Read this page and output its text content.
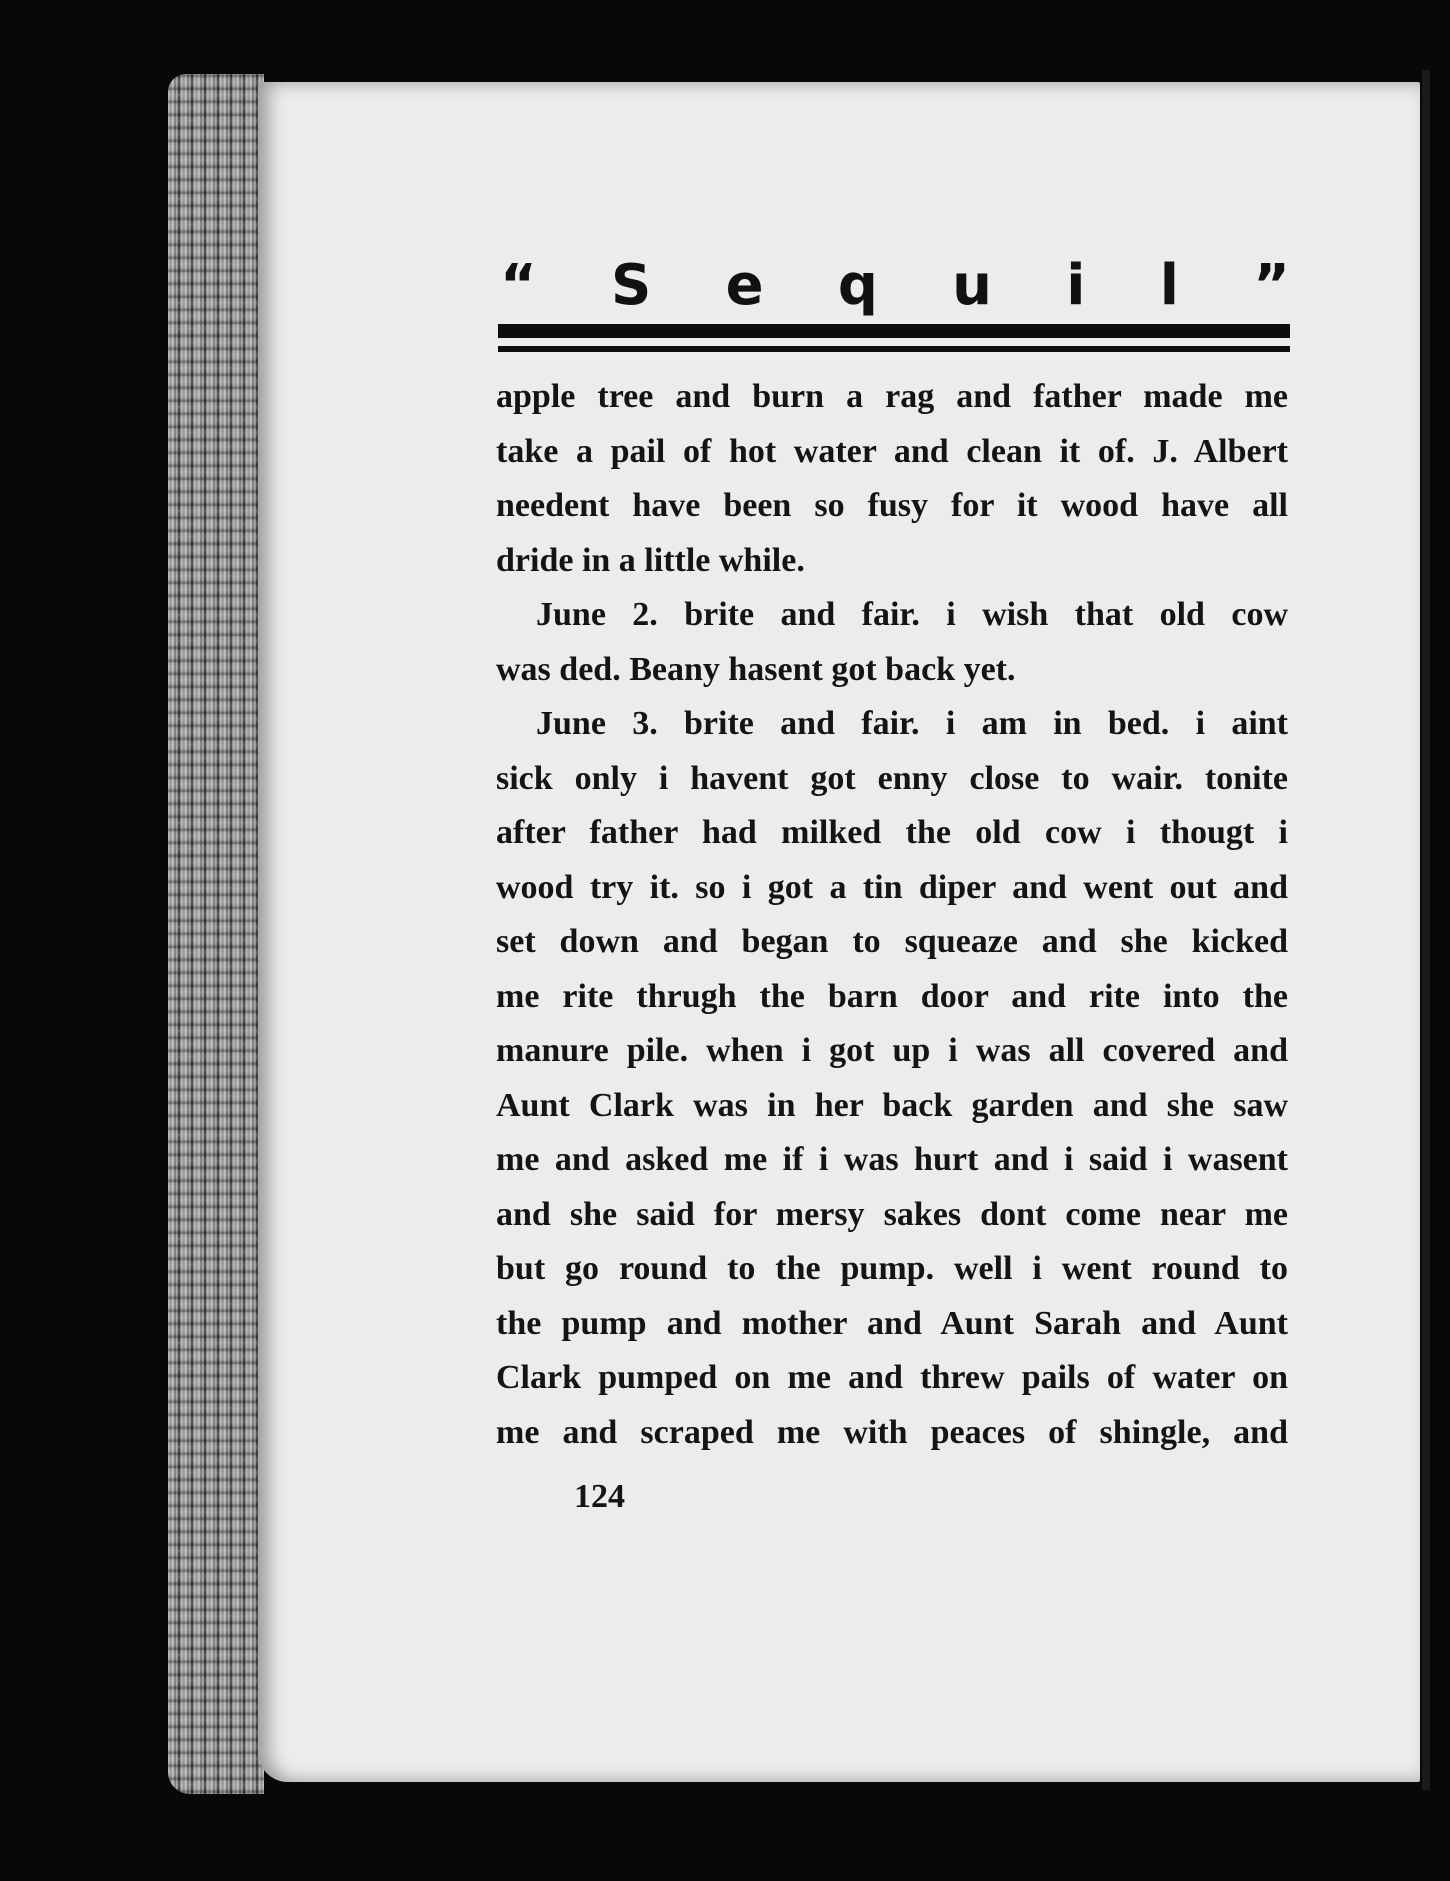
“ S e q u i l ”

apple tree and burn a rag and father made me

take a pail of hot water and clean it of. J. Albert

needent have been so fusy for it wood have all

dride in a little while.

June 2. brite and fair. i wish that old cow

was ded. Beany hasent got back yet.

June 3. brite and fair. i am in bed. i aint

sick only i havent got enny close to wair. tonite

after father had milked the old cow i thougt i

wood try it. so i got a tin diper and went out and

set down and began to squeaze and she kicked

me rite thrugh the barn door and rite into the

manure pile. when i got up i was all covered and

Aunt Clark was in her back garden and she saw

me and asked me if i was hurt and i said i wasent

and she said for mersy sakes dont come near me

but go round to the pump. well i went round to

the pump and mother and Aunt Sarah and Aunt

Clark pumped on me and threw pails of water on

me and scraped me with peaces of shingle, and

124
